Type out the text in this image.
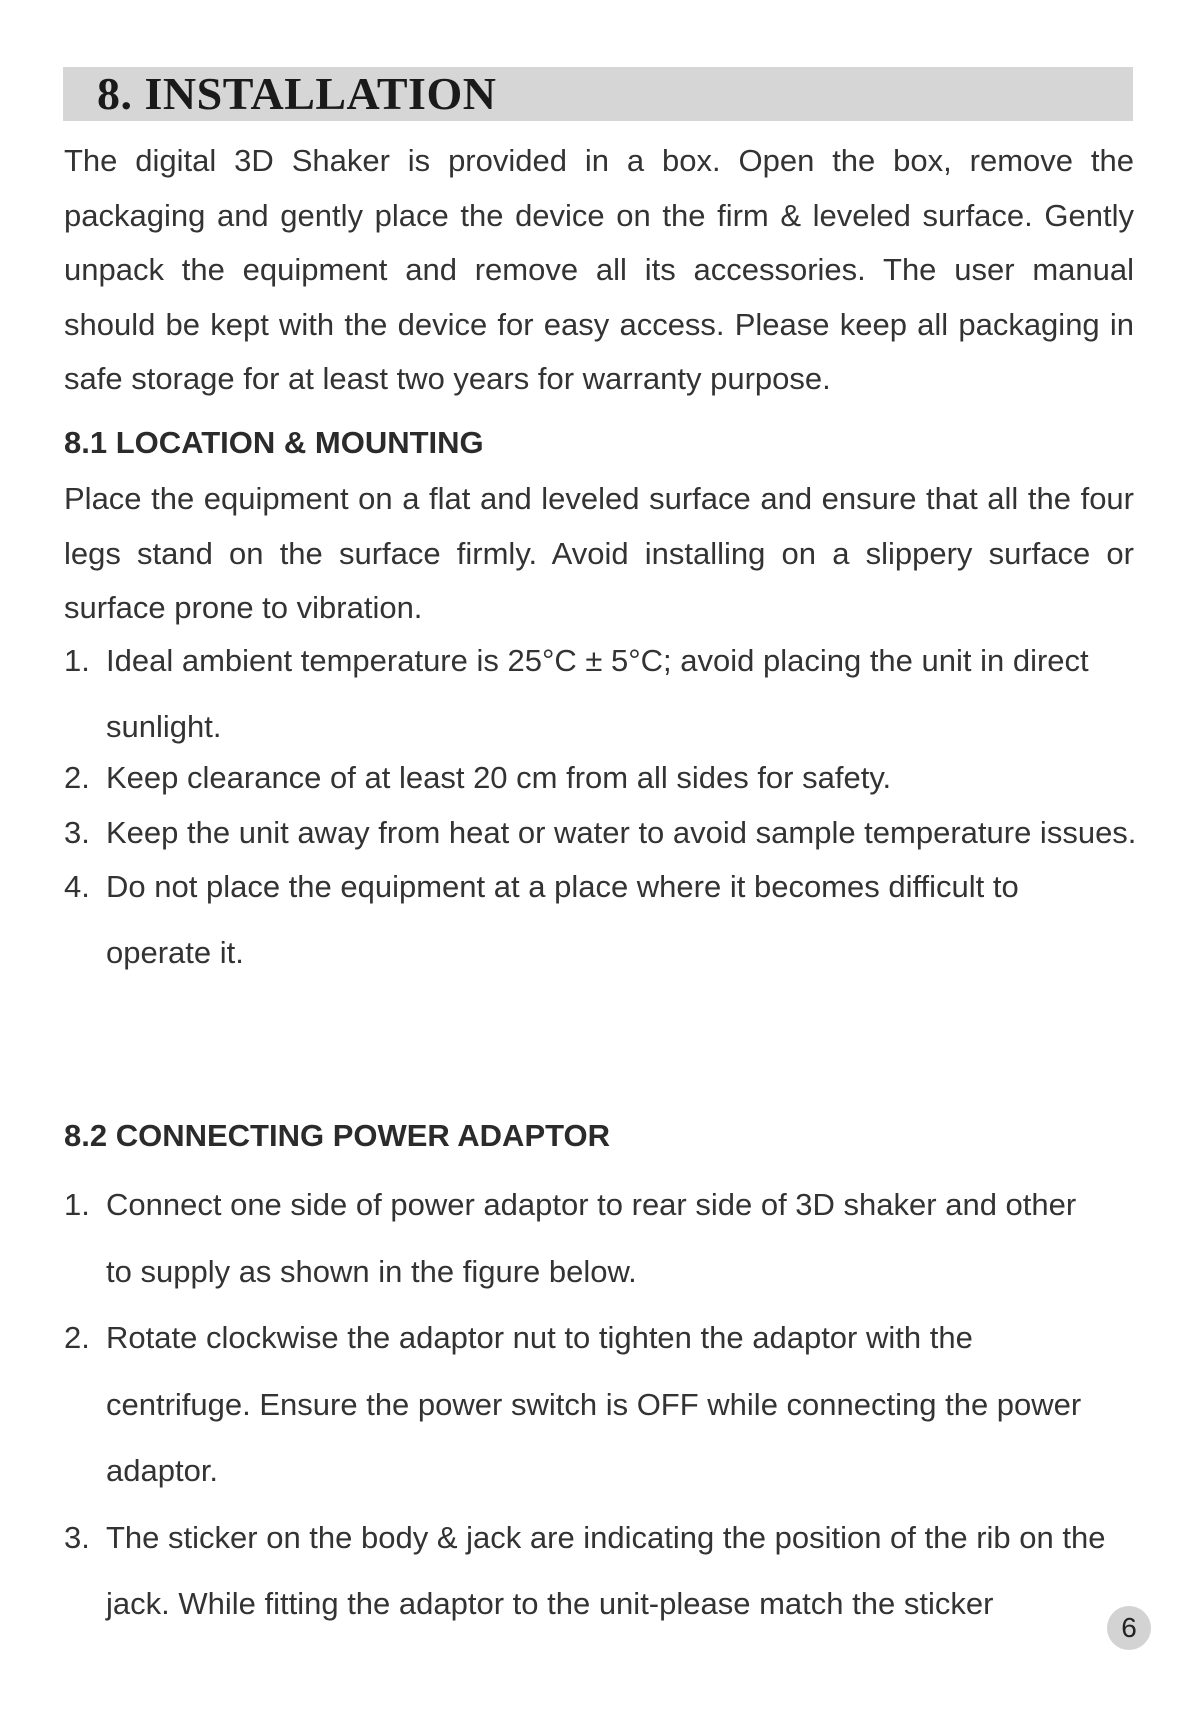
8. INSTALLATION

The digital 3D Shaker is provided in a box. Open the box, remove the packaging and gently place the device on the firm & leveled surface. Gently unpack the equipment and remove all its accessories. The user manual should be kept with the device for easy access. Please keep all packaging in safe storage for at least two years for warranty purpose.

8.1 LOCATION & MOUNTING

Place the equipment on a flat and leveled surface and ensure that all the four legs stand on the surface firmly. Avoid installing on a slippery surface or surface prone to vibration.

1. Ideal ambient temperature is 25°C ± 5°C; avoid placing the unit in direct sunlight.
2. Keep clearance of at least 20 cm from all sides for safety.
3. Keep the unit away from heat or water to avoid sample temperature issues.
4. Do not place the equipment at a place where it becomes difficult to operate it.
8.2 CONNECTING POWER ADAPTOR
1. Connect one side of power adaptor to rear side of 3D shaker and other to supply as shown in the figure below.
2. Rotate clockwise the adaptor nut to tighten the adaptor with the centrifuge. Ensure the power switch is OFF while connecting the power adaptor.
3. The sticker on the body & jack are indicating the position of the rib on the jack. While fitting the adaptor to the unit-please match the sticker
6
